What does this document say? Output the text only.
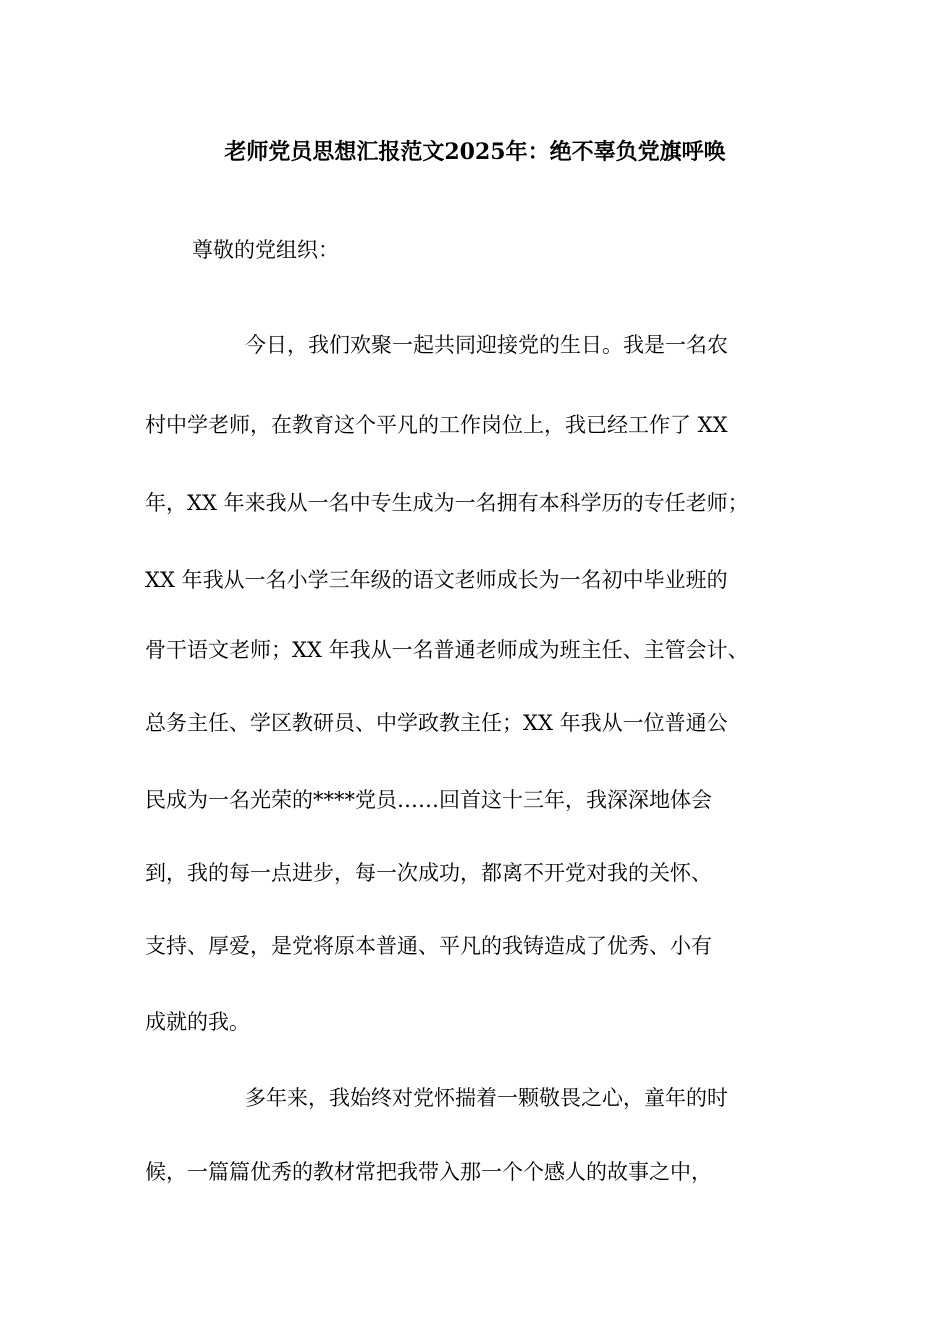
老师党员思想汇报范文2025年：绝不辜负党旗呼唤
尊敬的党组织：
今日，我们欢聚一起共同迎接党的生日。我是一名农
村中学老师，在教育这个平凡的工作岗位上，我已经工作了 XX
年，XX 年来我从一名中专生成为一名拥有本科学历的专任老师；
XX 年我从一名小学三年级的语文老师成长为一名初中毕业班的
骨干语文老师；XX 年我从一名普通老师成为班主任、主管会计、
总务主任、学区教研员、中学政教主任；XX 年我从一位普通公
民成为一名光荣的****党员……回首这十三年，我深深地体会
到，我的每一点进步，每一次成功，都离不开党对我的关怀、
支持、厚爱，是党将原本普通、平凡的我铸造成了优秀、小有
成就的我。
多年来，我始终对党怀揣着一颗敬畏之心，童年的时
候，一篇篇优秀的教材常把我带入那一个个感人的故事之中，
